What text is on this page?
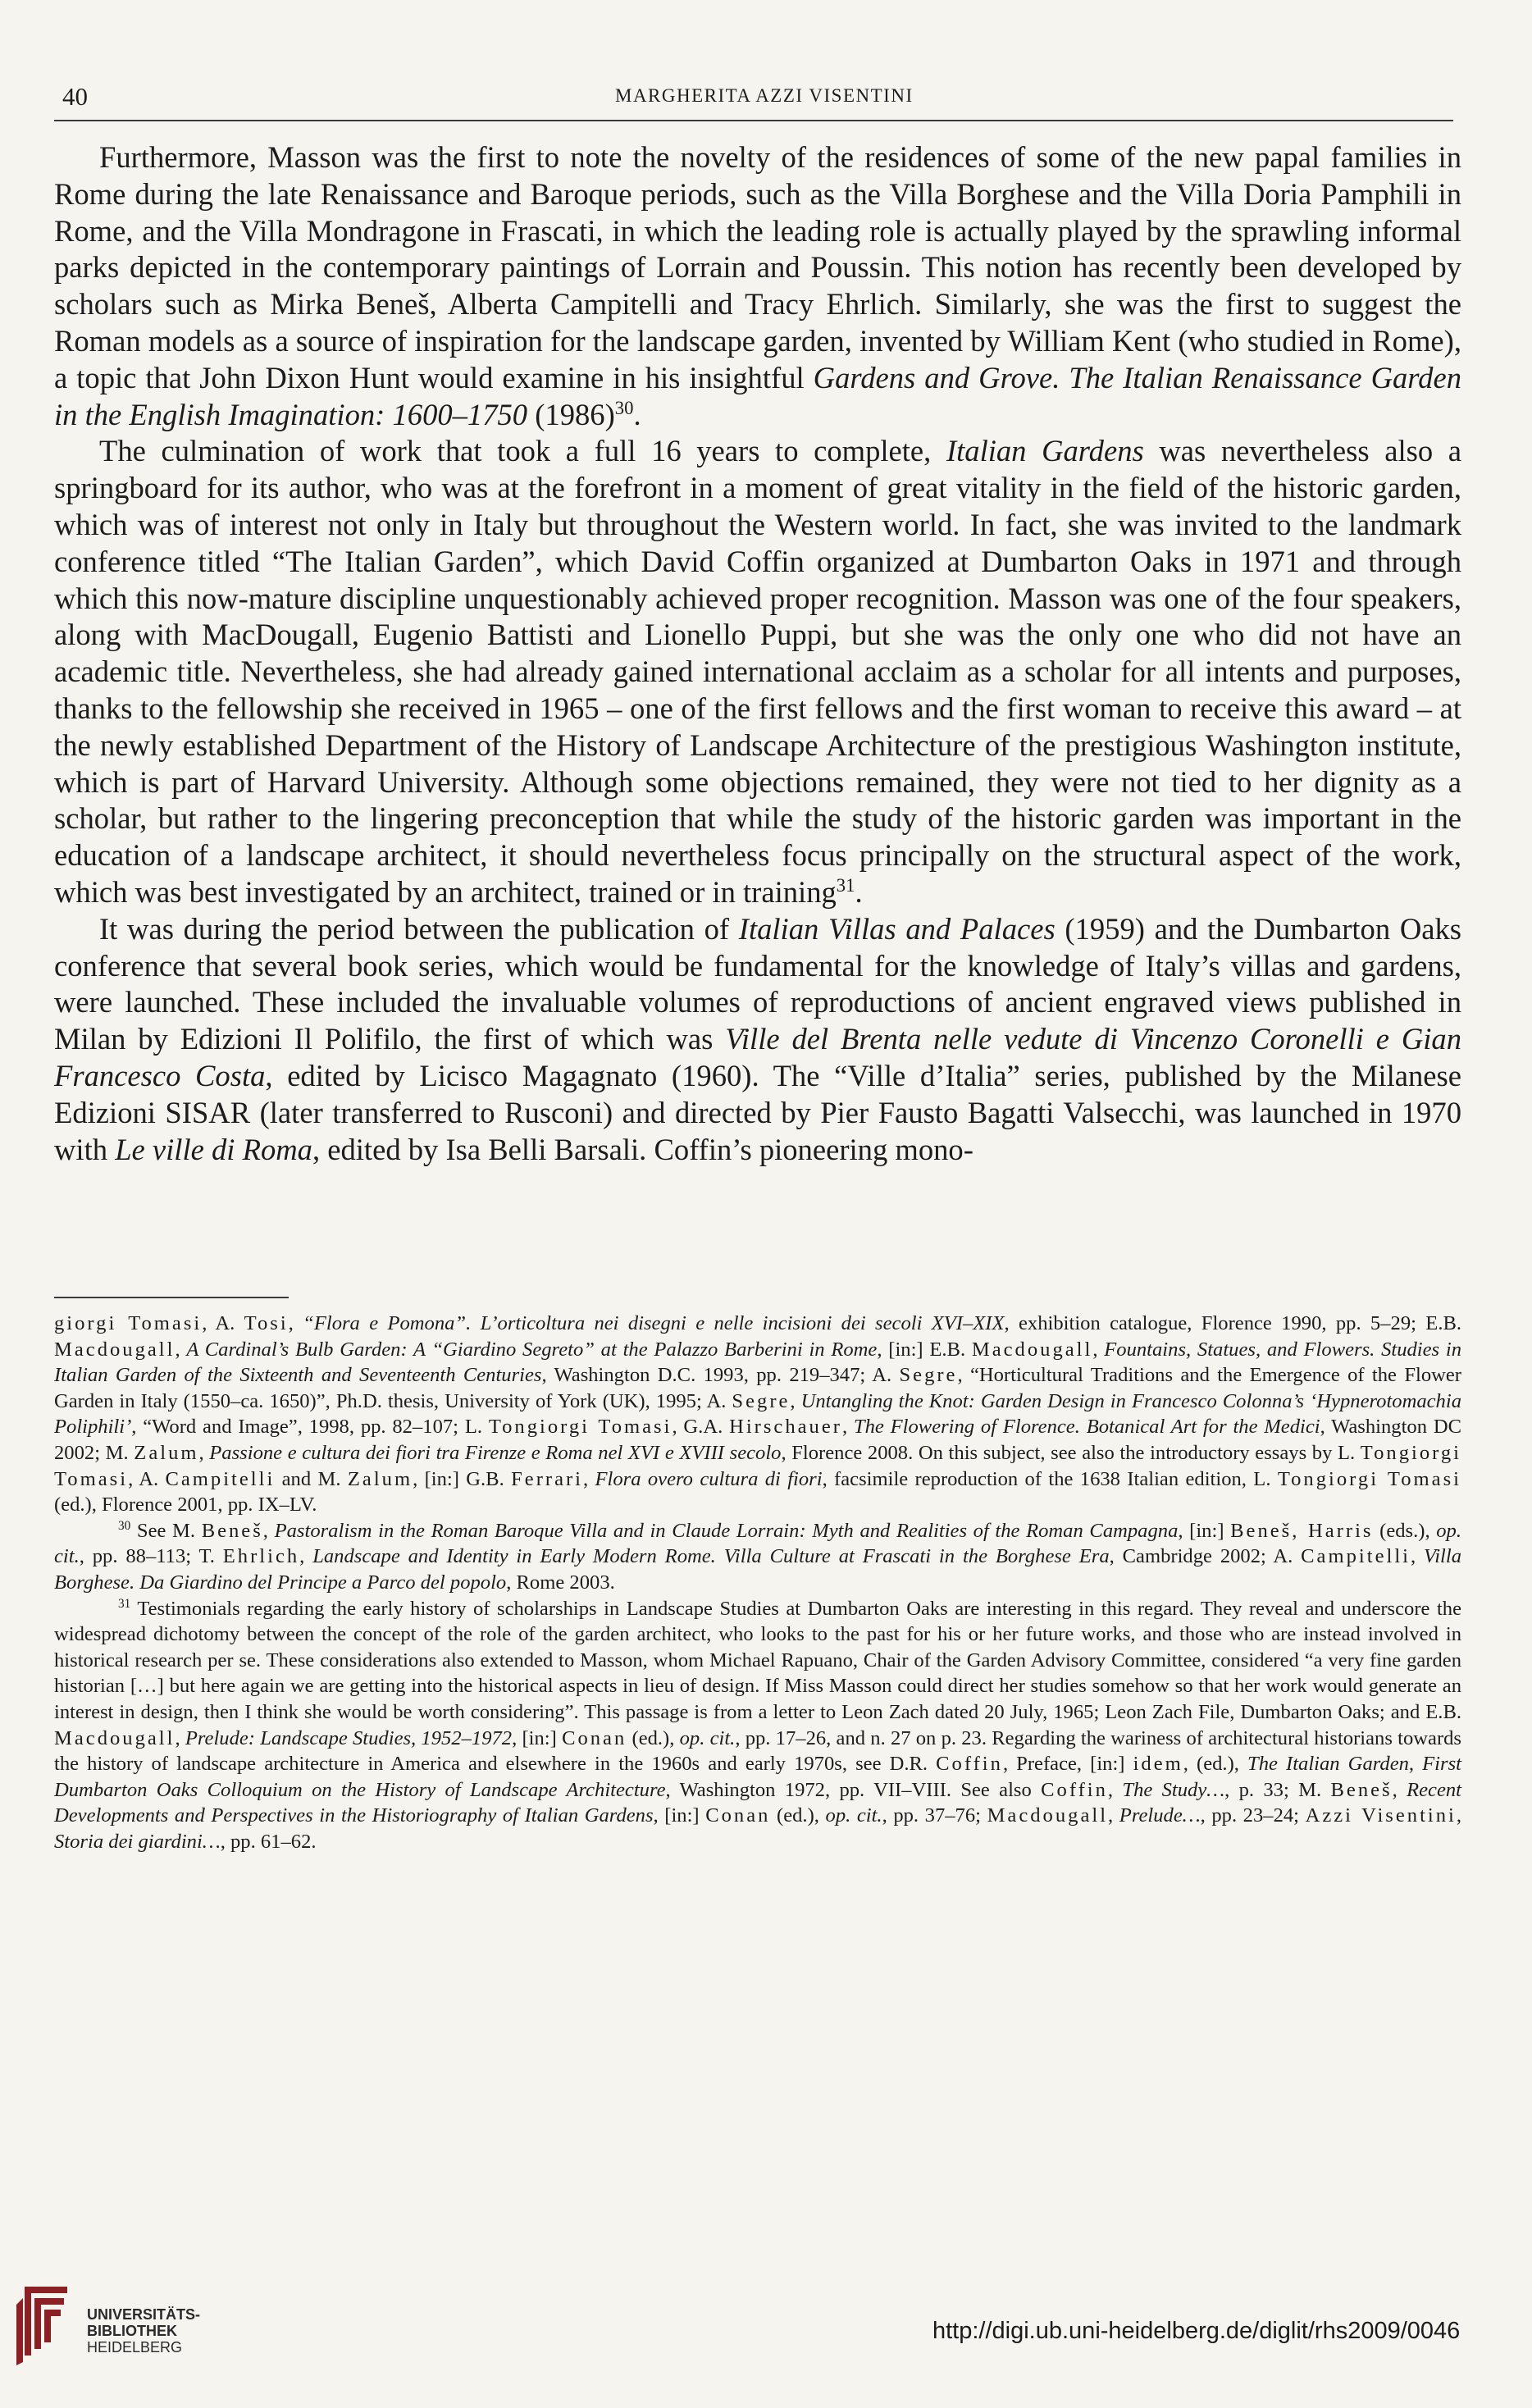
40	MARGHERITA AZZI VISENTINI

Furthermore, Masson was the first to note the novelty of the residences of some of the new papal families in Rome during the late Renaissance and Baroque periods, such as the Villa Borghese and the Villa Doria Pamphili in Rome, and the Villa Mondragone in Frascati, in which the leading role is actually played by the sprawling informal parks depicted in the contemporary paintings of Lorrain and Poussin. This notion has recently been developed by scholars such as Mirka Beneš, Alberta Campitelli and Tracy Ehrlich. Similarly, she was the first to suggest the Roman models as a source of inspiration for the landscape garden, invented by William Kent (who studied in Rome), a topic that John Dixon Hunt would examine in his insightful Gardens and Grove. The Italian Renaissance Garden in the English Imagination: 1600–1750 $(1986)^{30}$.

The culmination of work that took a full 16 years to complete, Italian Gardens was nevertheless also a springboard for its author, who was at the forefront in a moment of great vitality in the field of the historic garden, which was of interest not only in Italy but throughout the Western world. In fact, she was invited to the landmark conference titled “The Italian Garden”, which David Coffin organized at Dumbarton Oaks in 1971 and through which this now-mature discipline unquestionably achieved proper recognition. Masson was one of the four speakers, along with MacDougall, Eugenio Battisti and Lionello Puppi, but she was the only one who did not have an academic title. Nevertheless, she had already gained international acclaim as a scholar for all intents and purposes, thanks to the fellowship she received in 1965 – one of the first fellows and the first woman to receive this award – at the newly established Department of the History of Landscape Architecture of the prestigious Washington institute, which is part of Harvard University. Although some objections remained, they were not tied to her dignity as a scholar, but rather to the lingering preconception that while the study of the historic garden was important in the education of a landscape architect, it should nevertheless focus principally on the structural aspect of the work, which was best investigated by an architect, trained or in training$^{31}$.

It was during the period between the publication of Italian Villas and Palaces (1959) and the Dumbarton Oaks conference that several book series, which would be fundamental for the knowledge of Italy’s villas and gardens, were launched. These included the invaluable volumes of reproductions of ancient engraved views published in Milan by Edizioni Il Polifilo, the first of which was Ville del Brenta nelle vedute di Vincenzo Coronelli e Gian Francesco Costa, edited by Licisco Magagnato (1960). The “Ville d’Italia” series, published by the Milanese Edizioni SISAR (later transferred to Rusconi) and directed by Pier Fausto Bagatti Valsecchi, was launched in 1970 with Le ville di Roma, edited by Isa Belli Barsali. Coffin’s pioneering mono-

giorgi Tomasi, A. Tosi, “Flora e Pomona”. L’orticoltura nei disegni e nelle incisioni dei secoli XVI–XIX, exhibition catalogue, Florence 1990, pp. 5–29; E.B. Macdougall, A Cardinal’s Bulb Garden: A “Giardino Segreto” at the Palazzo Barberini in Rome, [in:] E.B. Macdougall, Fountains, Statues, and Flowers. Studies in Italian Garden of the Sixteenth and Seventeenth Centuries, Washington D.C. 1993, pp. 219–347; A. Segre, “Horticultural Traditions and the Emergence of the Flower Garden in Italy (1550–ca. 1650)”, Ph.D. thesis, University of York (UK), 1995; A. Segre, Untangling the Knot: Garden Design in Francesco Colonna’s ‘Hypnerotomachia Poliphili’, “Word and Image”, 1998, pp. 82–107; L. Tongiorgi Tomasi, G.A. Hirschauer, The Flowering of Florence. Botanical Art for the Medici, Washington DC 2002; M. Zalum, Passione e cultura dei fiori tra Firenze e Roma nel XVI e XVIII secolo, Florence 2008. On this subject, see also the introductory essays by L. Tongiorgi Tomasi, A. Campitelli and M. Zalum, [in:] G.B. Ferrari, Flora overo cultura di fiori, facsimile reproduction of the 1638 Italian edition, L. Tongiorgi Tomasi (ed.), Florence 2001, pp. IX–LV.

$^{30}$ See M. Beneš, Pastoralism in the Roman Baroque Villa and in Claude Lorrain: Myth and Realities of the Roman Campagna, [in:] Beneš, Harris (eds.), op. cit., pp. 88–113; T. Ehrlich, Landscape and Identity in Early Modern Rome. Villa Culture at Frascati in the Borghese Era, Cambridge 2002; A. Campitelli, Villa Borghese. Da Giardino del Principe a Parco del popolo, Rome 2003.

$^{31}$ Testimonials regarding the early history of scholarships in Landscape Studies at Dumbarton Oaks are interesting in this regard. They reveal and underscore the widespread dichotomy between the concept of the role of the garden architect, who looks to the past for his or her future works, and those who are instead involved in historical research per se. These considerations also extended to Masson, whom Michael Rapuano, Chair of the Garden Advisory Committee, considered “a very fine garden historian […] but here again we are getting into the historical aspects in lieu of design. If Miss Masson could direct her studies somehow so that her work would generate an interest in design, then I think she would be worth considering”. This passage is from a letter to Leon Zach dated 20 July, 1965; Leon Zach File, Dumbarton Oaks; and E.B. Macdougall, Prelude: Landscape Studies, 1952–1972, [in:] Conan (ed.), op. cit., pp. 17–26, and n. 27 on p. 23. Regarding the wariness of architectural historians towards the history of landscape architecture in America and elsewhere in the 1960s and early 1970s, see D.R. Coffin, Preface, [in:] idem, (ed.), The Italian Garden, First Dumbarton Oaks Colloquium on the History of Landscape Architecture, Washington 1972, pp. VII–VIII. See also Coffin, The Study…, p. 33; M. Beneš, Recent Developments and Perspectives in the Historiography of Italian Gardens, [in:] Conan (ed.), op. cit., pp. 37–76; Macdougall, Prelude…, pp. 23–24; Azzi Visentini, Storia dei giardini…, pp. 61–62.

UNIVERSITÄTS-
BIBLIOTHEK
HEIDELBERG
http://digi.ub.uni-heidelberg.de/diglit/rhs2009/0046
